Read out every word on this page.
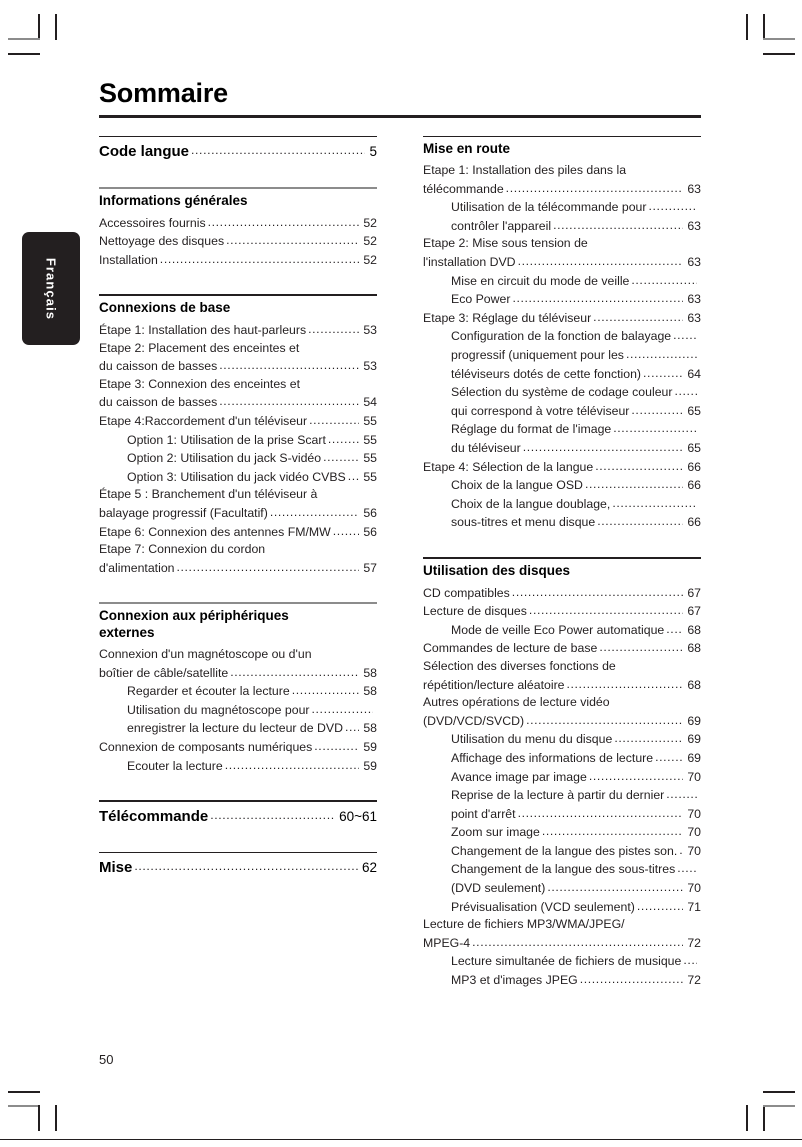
Français
Sommaire
Code langue .....	5
Informations générales
Accessoires fournis .....	52
Nettoyage des disques .....	52
Installation .....	52
Connexions de base
Étape 1: Installation des haut-parleurs .....	53
Etape 2: Placement des enceintes et
du caisson de basses .....	53
Etape 3: Connexion des enceintes et
du caisson de basses .....	54
Etape 4:Raccordement d'un téléviseur .....	55
Option 1: Utilisation de la prise Scart .....	55
Option 2: Utilisation du jack S-vidéo .....	55
Option 3: Utilisation du jack vidéo CVBS ..... 55
Étape 5 : Branchement d'un téléviseur à
balayage progressif (Facultatif) .....	56
Etape 6: Connexion des antennes FM/MW .....	56
Etape 7: Connexion du cordon
d'alimentation .....	57
Connexion aux périphériques
externes
Connexion d'un magnétoscope ou d'un
boîtier de câble/satellite .....	58
Regarder et écouter la lecture .....	58
Utilisation du magnétoscope pour
.....
enregistrer la lecture du lecteur de DVD ..... 58
Connexion de composants numériques .....	59
Ecouter la lecture .....	59
Télécommande .....	60~61
Mise .....	62
Mise en route
Etape 1: Installation des piles dans la
télécommande .....	63
Utilisation de la télécommande pour
.....
contrôler l'appareil .....	63
Etape 2: Mise sous tension de
l'installation DVD .....	63
Mise en circuit du mode de veille
.....
Eco Power .....	63
Etape 3: Réglage du téléviseur .....	63
Configuration de la fonction de balayage
.....
progressif (uniquement pour les
.....
téléviseurs dotés de cette fonction) .....	64
Sélection du système de codage couleur
.....
qui correspond à votre téléviseur .....	65
Réglage du format de l'image
.....
du téléviseur .....	65
Etape 4: Sélection de la langue .....	66
Choix de la langue OSD .....	66
Choix de la langue doublage,
.....
sous-titres et menu disque .....	66
Utilisation des disques
CD compatibles .....	67
Lecture de disques .....	67
Mode de veille Eco Power automatique ..... 68
Commandes de lecture de base .....	68
Sélection des diverses fonctions de
répétition/lecture aléatoire .....	68
Autres opérations de lecture vidéo
(DVD/VCD/SVCD) .....	69
Utilisation du menu du disque .....	69
Affichage des informations de lecture .....	69
Avance image par image .....	70
Reprise de la lecture à partir du dernier
.....
point d'arrêt .....	70
Zoom sur image .....	70
Changement de la langue des pistes son. ..... 70
Changement de la langue des sous-titres
.....
(DVD seulement) .....	70
Prévisualisation (VCD seulement) .....	71
Lecture de fichiers MP3/WMA/JPEG/
MPEG-4 .....	72
Lecture simultanée de fichiers de musique
.....
MP3 et d'images JPEG .....	72
50
